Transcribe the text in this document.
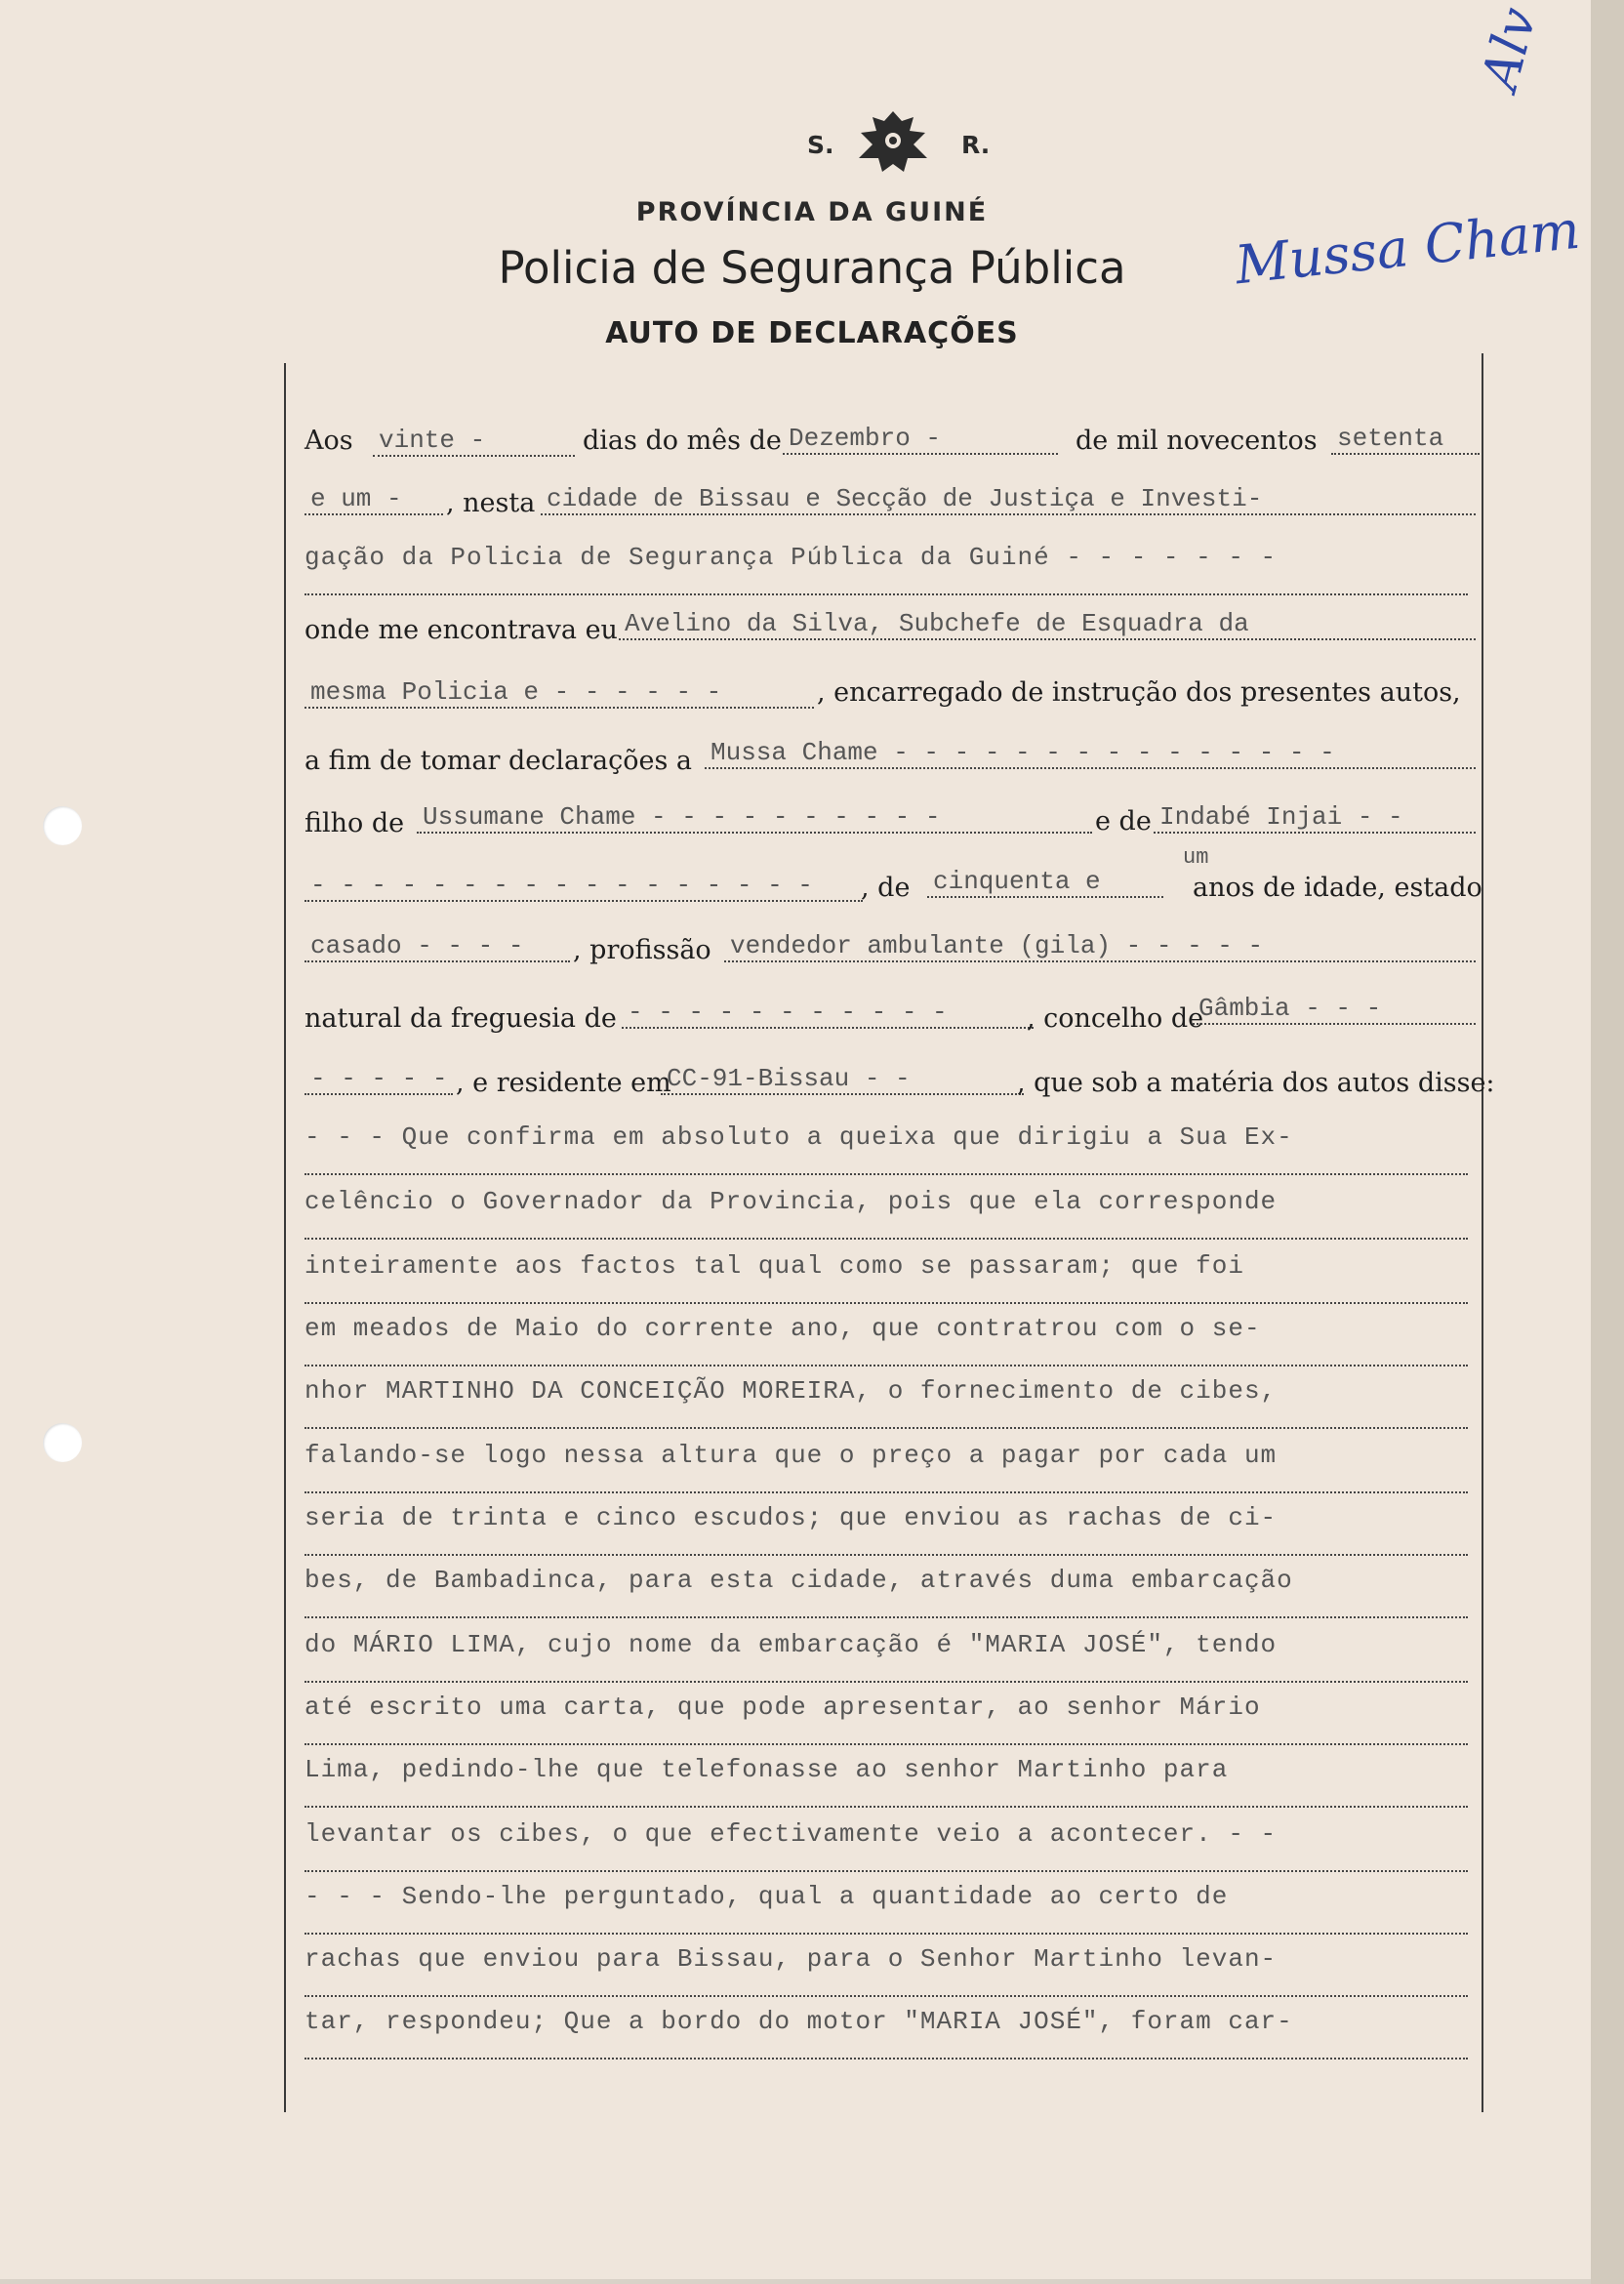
S.	R.
PROVÍNCIA DA GUINÉ
Policia de Segurança Pública
AUTO DE DECLARAÇÕES
Mussa Cham
Alv
Aos vinte -	dias do mês de Dezembro -	de mil novecentos setenta
e um -	, nesta cidade de Bissau e Secção de Justiça e Investi-
gação da Policia de Segurança Pública da Guiné - - - - - - -
onde me encontrava eu Avelino da Silva, Subchefe de Esquadra da
mesma Policia e - - - - - -	, encarregado de instrução dos presentes autos,
a fim de tomar declarações a Mussa Chame - - - - - - - - - - - - - - -
filho de Ussumane Chame - - - - - - - - - -	e de Indabé Injai - -
- - - - - - - - - - - - - - - - -	, de cinquenta e
um
anos de idade, estado
casado - - - -	, profissão vendedor ambulante (gila) - - - - -
natural da freguesia de - - - - - - - - - - -	, concelho de
Gâmbia - - -
- - - - - , e residente em
CC-91-Bissau - -	, que sob a matéria dos autos disse:
- - - Que confirma em absoluto a queixa que dirigiu a Sua Ex-
celêncio o Governador da Provincia, pois que ela corresponde
inteiramente aos factos tal qual como se passaram; que foi
em meados de Maio do corrente ano, que contratrou com o se-
nhor MARTINHO DA CONCEIÇÃO MOREIRA, o fornecimento de cibes,
falando-se logo nessa altura que o preço a pagar por cada um
seria de trinta e cinco escudos; que enviou as rachas de ci-
bes, de Bambadinca, para esta cidade, através duma embarcação
do MÁRIO LIMA, cujo nome da embarcação é "MARIA JOSÉ", tendo
até escrito uma carta, que pode apresentar, ao senhor Mário
Lima, pedindo-lhe que telefonasse ao senhor Martinho para
levantar os cibes, o que efectivamente veio a acontecer. - -
- - - Sendo-lhe perguntado, qual a quantidade ao certo de
rachas que enviou para Bissau, para o Senhor Martinho levan-
tar, respondeu; Que a bordo do motor "MARIA JOSÉ", foram car-
